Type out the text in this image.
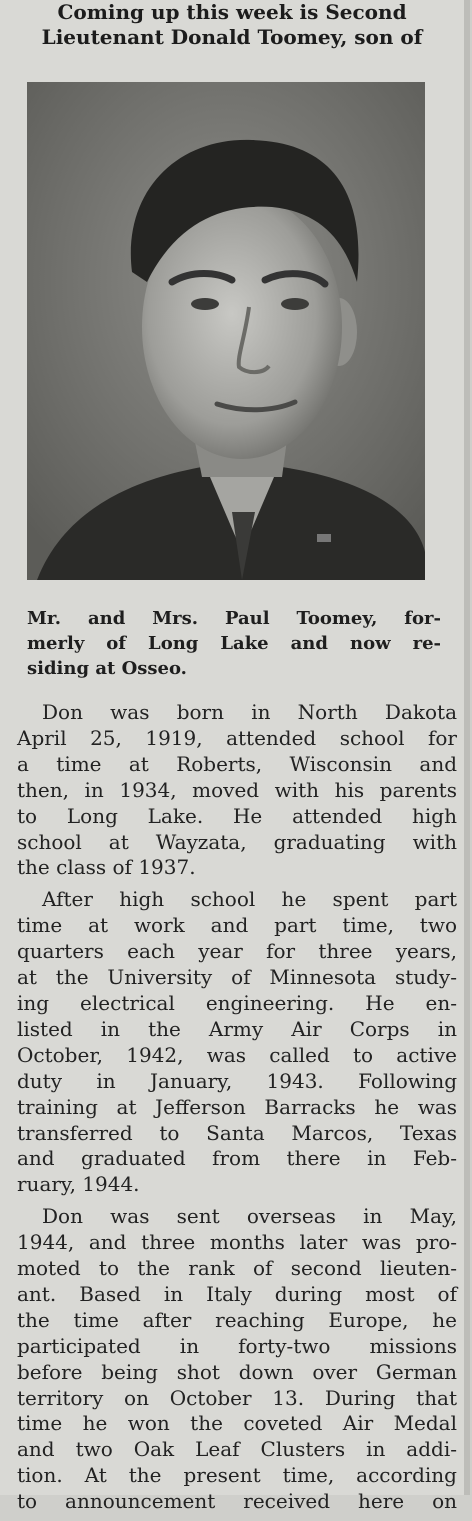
Coming up this week is Second
Lieutenant Donald Toomey, son of

Mr. and Mrs. Paul Toomey, for-
merly of Long Lake and now re-
siding at Osseo.

Don was born in North Dakota
April 25, 1919, attended school for
a time at Roberts, Wisconsin and
then, in 1934, moved with his parents
to Long Lake. He attended high
school at Wayzata, graduating with
the class of 1937.

After high school he spent part
time at work and part time, two
quarters each year for three years,
at the University of Minnesota study-
ing electrical engineering. He en-
listed in the Army Air Corps in
October, 1942, was called to active
duty in January, 1943. Following
training at Jefferson Barracks he was
transferred to Santa Marcos, Texas
and graduated from there in Feb-
ruary, 1944.

Don was sent overseas in May,
1944, and three months later was pro-
moted to the rank of second lieuten-
ant. Based in Italy during most of
the time after reaching Europe, he
participated in forty-two missions
before being shot down over German
territory on October 13. During that
time he won the coveted Air Medal
and two Oak Leaf Clusters in addi-
tion. At the present time, according
to announcement received here on
